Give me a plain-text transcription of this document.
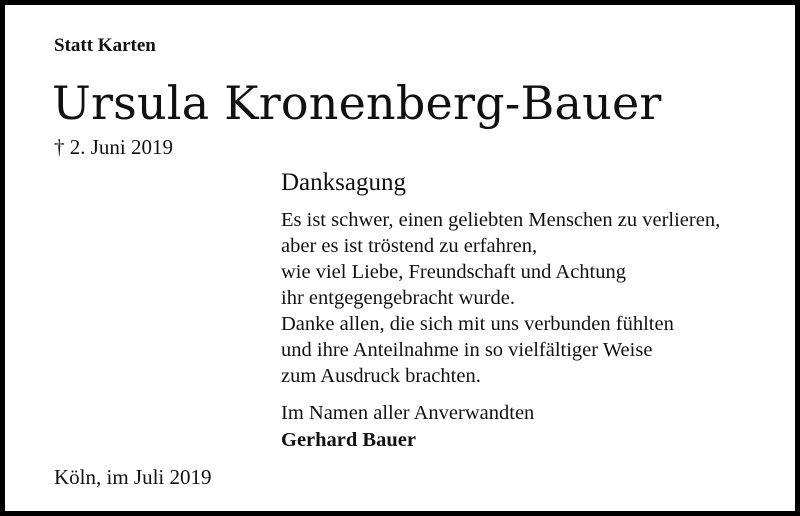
Statt Karten
Ursula Kronenberg-Bauer
† 2. Juni 2019
Danksagung
Es ist schwer, einen geliebten Menschen zu verlieren,
aber es ist tröstend zu erfahren,
wie viel Liebe, Freundschaft und Achtung
ihr entgegengebracht wurde.
Danke allen, die sich mit uns verbunden fühlten
und ihre Anteilnahme in so vielfältiger Weise
zum Ausdruck brachten.
Im Namen aller Anverwandten
Gerhard Bauer
Köln, im Juli 2019
